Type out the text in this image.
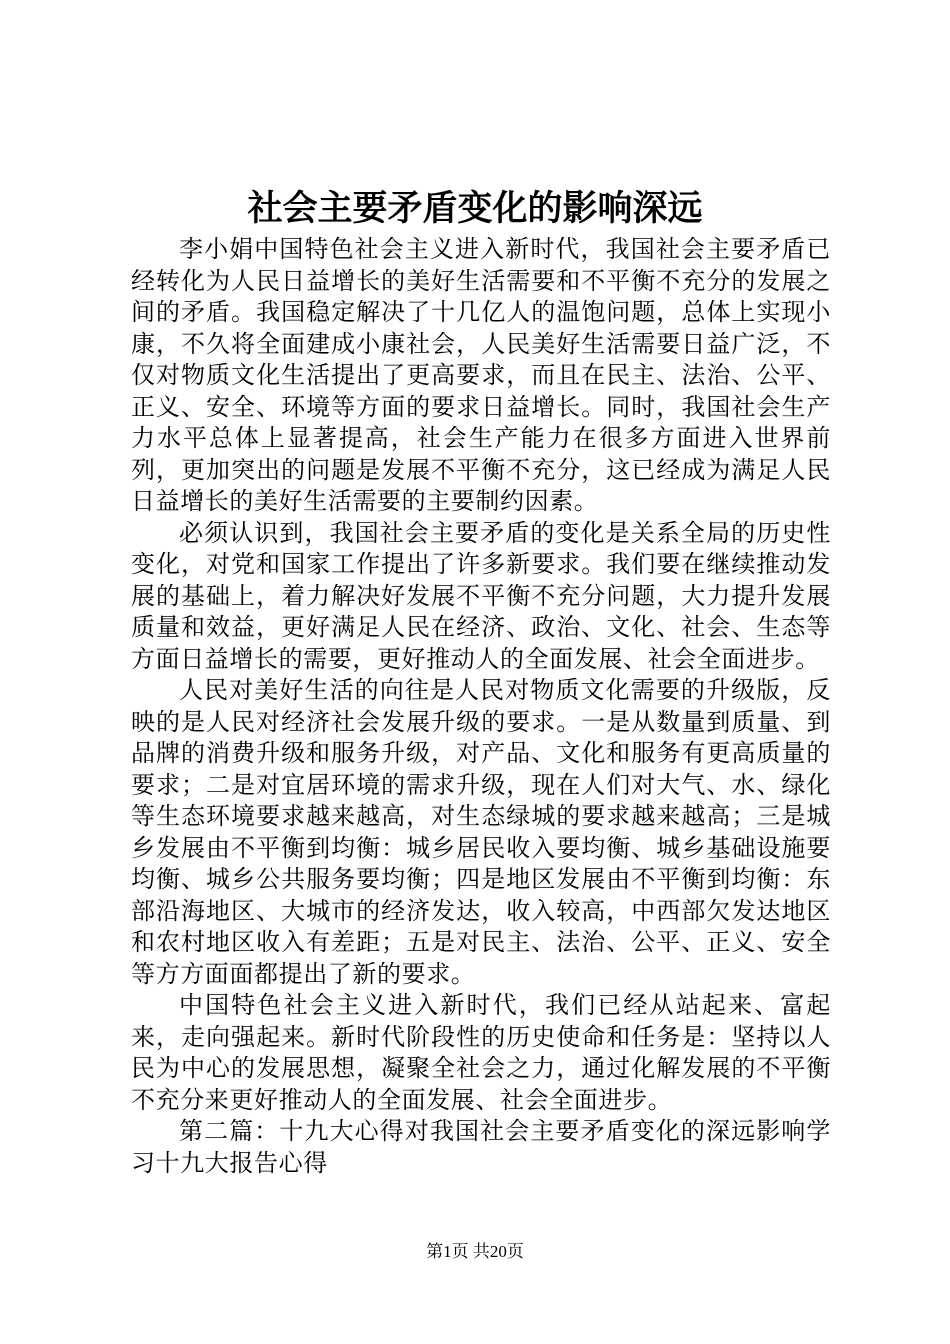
社会主要矛盾变化的影响深远

李小娟中国特色社会主义进入新时代，我国社会主要矛盾已经转化为人民日益增长的美好生活需要和不平衡不充分的发展之间的矛盾。我国稳定解决了十几亿人的温饱问题，总体上实现小康，不久将全面建成小康社会，人民美好生活需要日益广泛，不仅对物质文化生活提出了更高要求，而且在民主、法治、公平、正义、安全、环境等方面的要求日益增长。同时，我国社会生产力水平总体上显著提高，社会生产能力在很多方面进入世界前列，更加突出的问题是发展不平衡不充分，这已经成为满足人民日益增长的美好生活需要的主要制约因素。

必须认识到，我国社会主要矛盾的变化是关系全局的历史性变化，对党和国家工作提出了许多新要求。我们要在继续推动发展的基础上，着力解决好发展不平衡不充分问题，大力提升发展质量和效益，更好满足人民在经济、政治、文化、社会、生态等方面日益增长的需要，更好推动人的全面发展、社会全面进步。

人民对美好生活的向往是人民对物质文化需要的升级版，反映的是人民对经济社会发展升级的要求。一是从数量到质量、到品牌的消费升级和服务升级，对产品、文化和服务有更高质量的要求；二是对宜居环境的需求升级，现在人们对大气、水、绿化等生态环境要求越来越高，对生态绿城的要求越来越高；三是城乡发展由不平衡到均衡：城乡居民收入要均衡、城乡基础设施要均衡、城乡公共服务要均衡；四是地区发展由不平衡到均衡：东部沿海地区、大城市的经济发达，收入较高，中西部欠发达地区和农村地区收入有差距；五是对民主、法治、公平、正义、安全等方方面面都提出了新的要求。

中国特色社会主义进入新时代，我们已经从站起来、富起来，走向强起来。新时代阶段性的历史使命和任务是：坚持以人民为中心的发展思想，凝聚全社会之力，通过化解发展的不平衡不充分来更好推动人的全面发展、社会全面进步。

第二篇：十九大心得对我国社会主要矛盾变化的深远影响学习十九大报告心得

第1页 共20页
